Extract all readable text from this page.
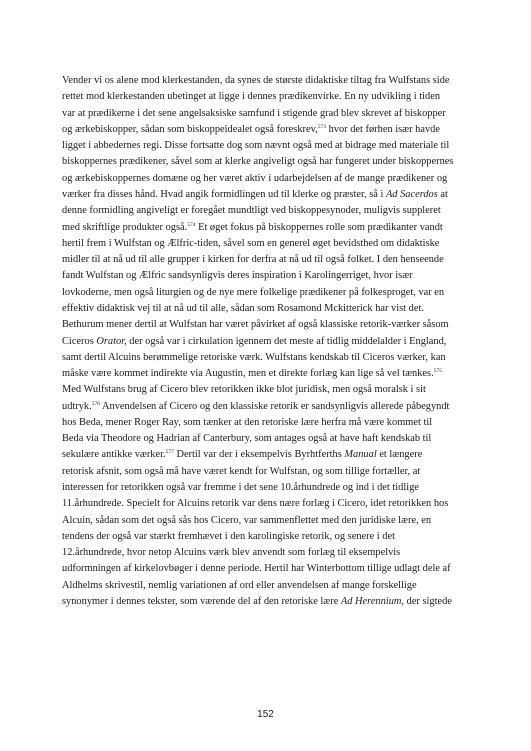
Vender vi os alene mod klerkestanden, da synes de største didaktiske tiltag fra Wulfstans side
rettet mod klerkestanden ubetinget at ligge i dennes prædikenvirke. En ny udvikling i tiden
var at prædikerne i det sene angelsaksiske samfund i stigende grad blev skrevet af biskopper
og ærkebiskopper, sådan som biskoppeidealet også foreskrev,$^{573}$ hvor det førhen især havde
ligget i abbedernes regi. Disse fortsatte dog som nævnt også med at bidrage med materiale til
biskoppernes prædikener, såvel som at klerke angiveligt også har fungeret under biskoppernes
og ærkebiskoppernes domæne og her været aktiv i udarbejdelsen af de mange prædikener og
værker fra disses hånd. Hvad angik formidlingen ud til klerke og præster, så i Ad Sacerdos at
denne formidling angiveligt er foregået mundtligt ved biskoppesynoder, muligvis suppleret
med skriftlige produkter også.$^{574}$ Et øget fokus på biskoppernes rolle som prædikanter vandt
hertil frem i Wulfstan og Ælfric-tiden, såvel som en generel øget bevidsthed om didaktiske
midler til at nå ud til alle grupper i kirken for derfra at nå ud til også folket. I den henseende
fandt Wulfstan og Ælfric sandsynligvis deres inspiration i Karolingerriget, hvor især
lovkoderne, men også liturgien og de nye mere folkelige prædikener på folkesproget, var en
effektiv didaktisk vej til at nå ud til alle, sådan som Rosamond Mckitterick har vist det.
Bethurum mener dertil at Wulfstan har været påvirket af også klassiske retorik-værker såsom
Ciceros Orator, der også var i cirkulation igennem det meste af tidlig middelalder i England,
samt dertil Alcuins berømmelige retoriske værk. Wulfstans kendskab til Ciceros værker, kan
måske være kommet indirekte via Augustin, men et direkte forlæg kan lige så vel tænkes.$^{575}$
Med Wulfstans brug af Cicero blev retorikken ikke blot juridisk, men også moralsk i sit
udtryk.$^{576}$ Anvendelsen af Cicero og den klassiske retorik er sandsynligvis allerede påbegyndt
hos Beda, mener Roger Ray, som tænker at den retoriske lære herfra må være kommet til
Beda via Theodore og Hadrian af Canterbury, som antages også at have haft kendskab til
sekulære antikke værker.$^{577}$ Dertil var der i eksempelvis Byrhtferths Manual et længere
retorisk afsnit, som også må have været kendt for Wulfstan, og som tillige fortæller, at
interessen for retorikken også var fremme i det sene 10.århundrede og ind i det tidlige
11.århundrede. Specielt for Alcuins retorik var dens nære forlæg i Cicero, idet retorikken hos
Alcuin, sådan som det også sås hos Cicero, var sammenflettet med den juridiske lære, en
tendens der også var stærkt fremhævet i den karolingiske retorik, og senere i det
12.århundrede, hvor netop Alcuins værk blev anvendt som forlæg til eksempelvis
udformningen af kirkelovbøger i denne periode. Hertil har Winterbottom tillige udlagt dele af
Aldhelms skrivestil, nemlig variationen af ord eller anvendelsen af mange forskellige
synonymer i dennes tekster, som værende del af den retoriske lære Ad Herennium, der sigtede
152
